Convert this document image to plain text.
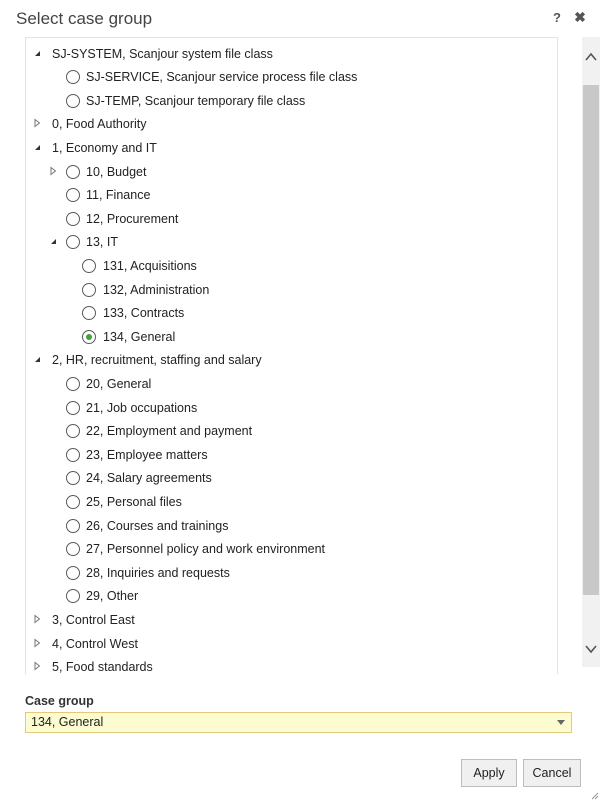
Select case group	? ✖
SJ-SYSTEM, Scanjour system file class
SJ-SERVICE, Scanjour service process file class
SJ-TEMP, Scanjour temporary file class
0, Food Authority
1, Economy and IT
10, Budget
11, Finance
12, Procurement
13, IT
131, Acquisitions
132, Administration
133, Contracts
134, General
2, HR, recruitment, staffing and salary
20, General
21, Job occupations
22, Employment and payment
23, Employee matters
24, Salary agreements
25, Personal files
26, Courses and trainings
27, Personnel policy and work environment
28, Inquiries and requests
29, Other
3, Control East
4, Control West
5, Food standards
Case group
134, General
Apply	Cancel
